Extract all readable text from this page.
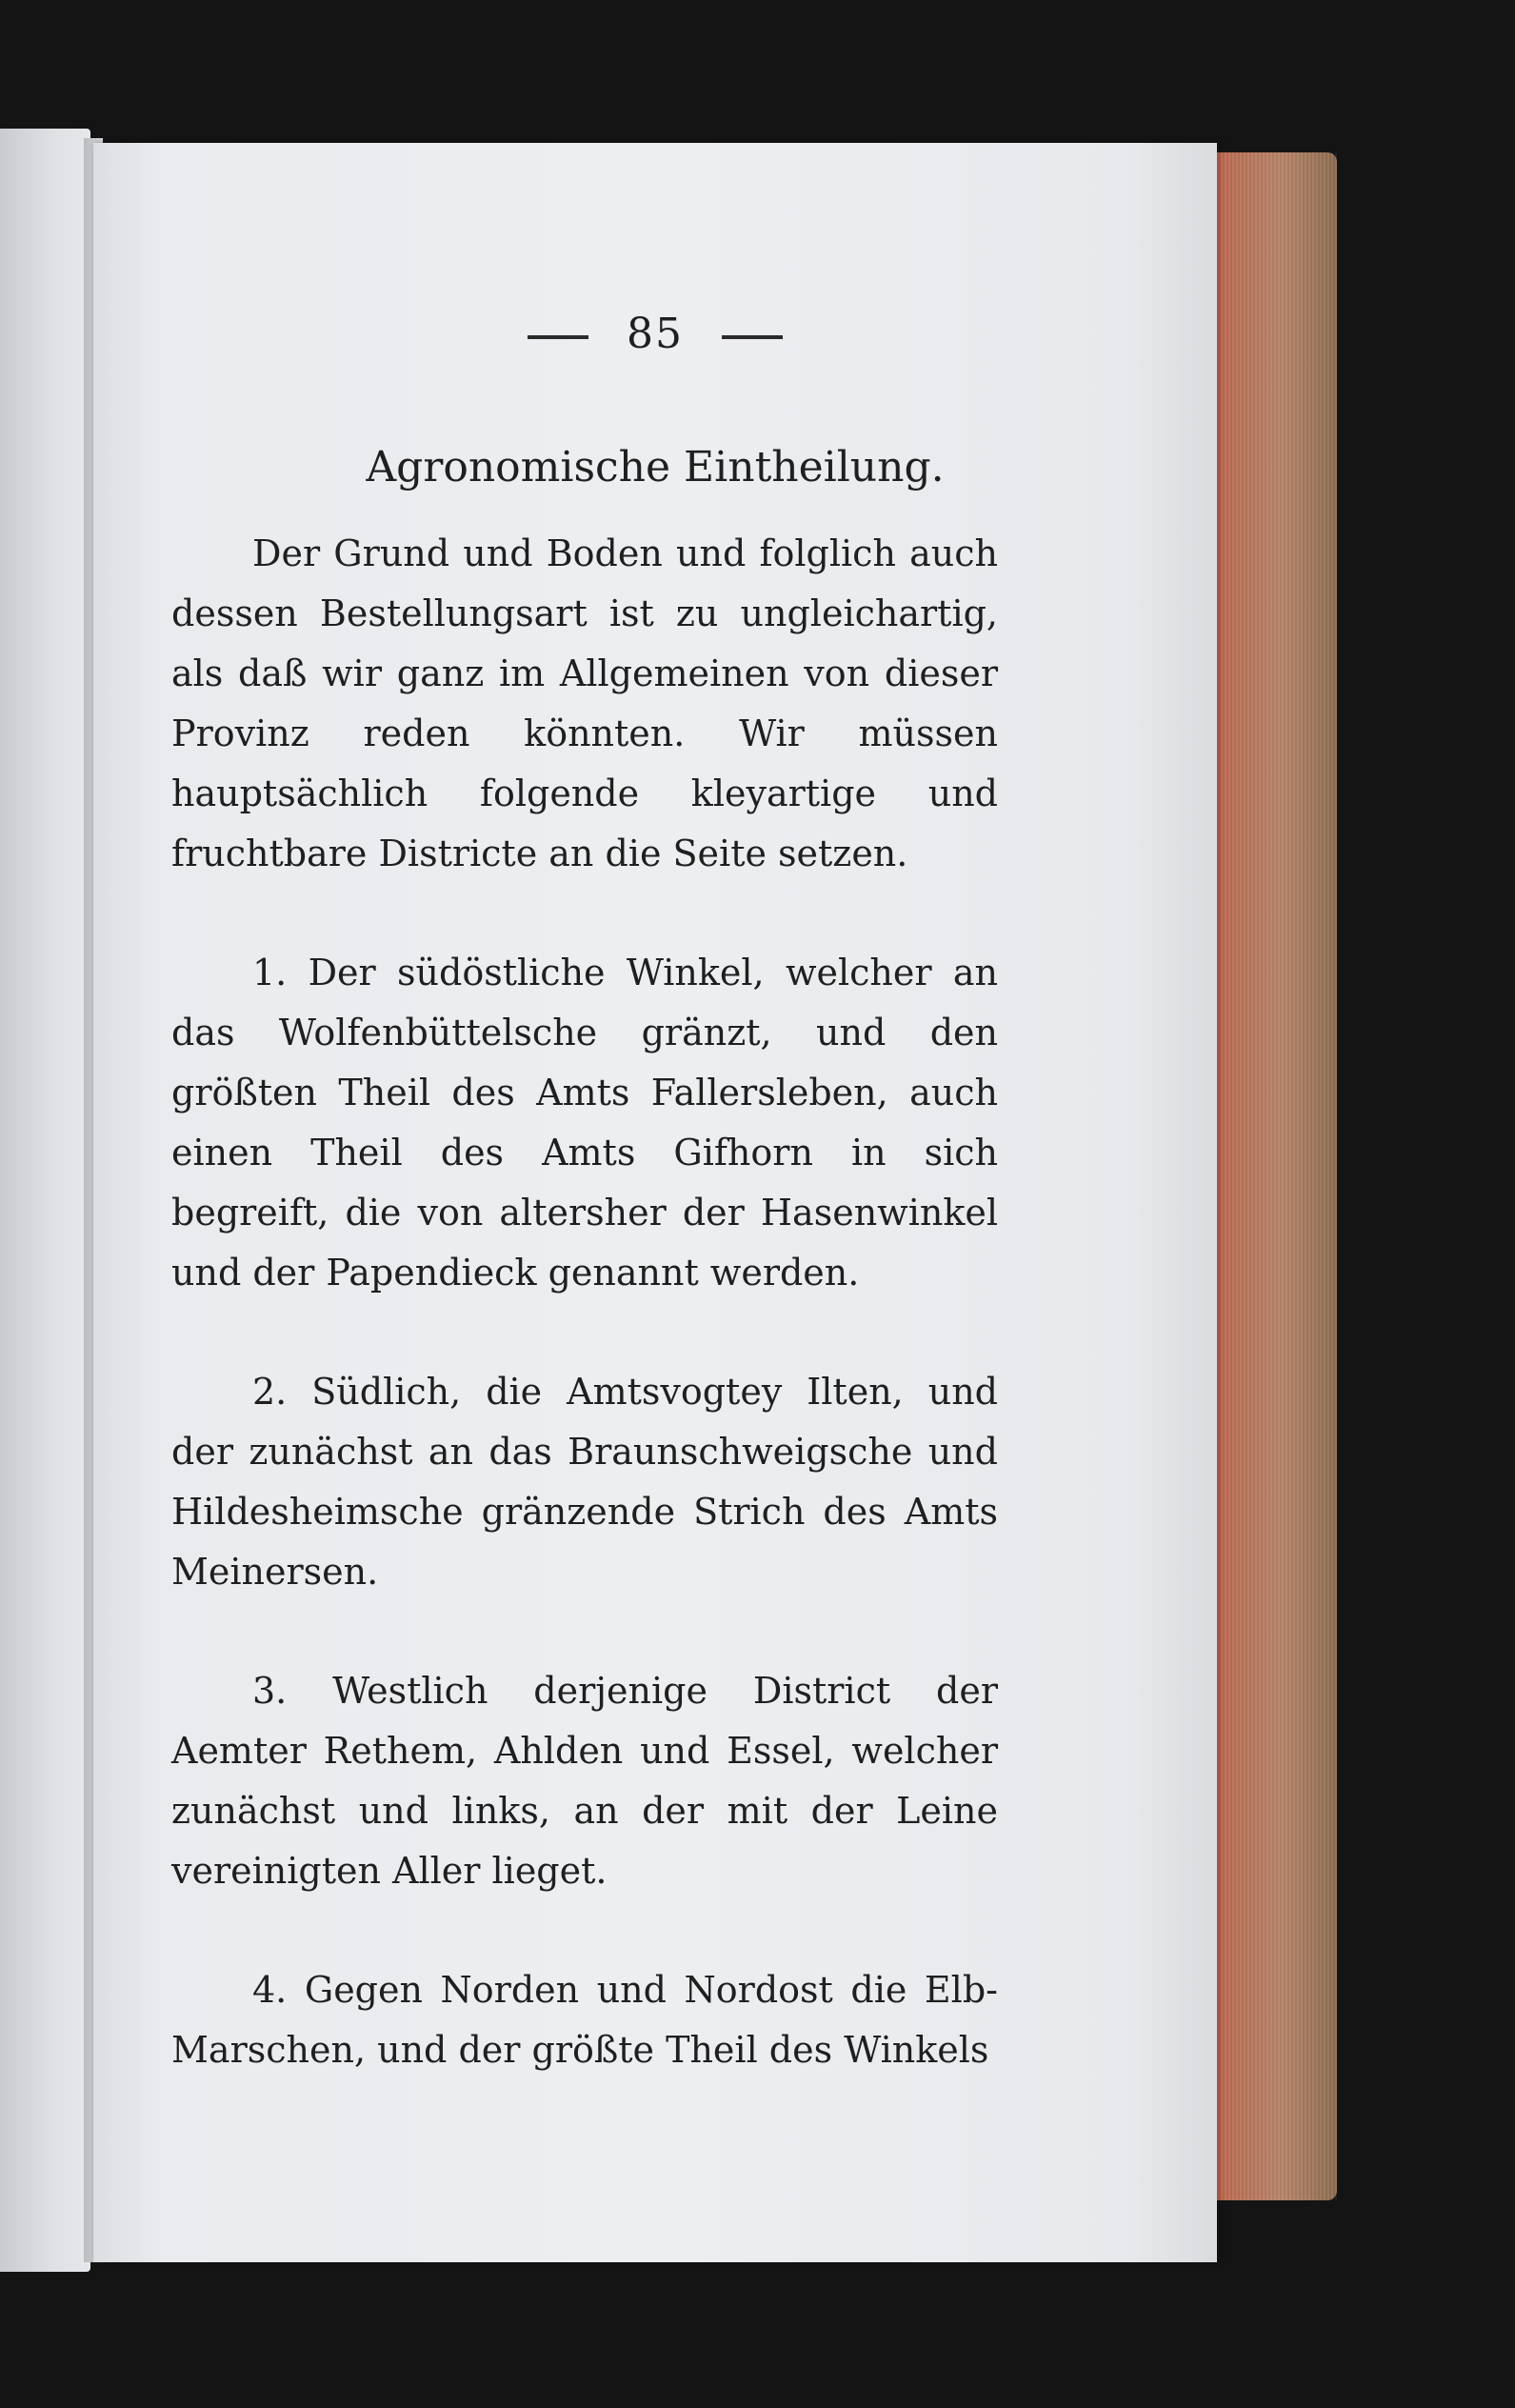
85
Agronomische Eintheilung.

Der Grund und Boden und folglich auch dessen Bestellungsart ist zu ungleichartig, als daß wir ganz im Allgemeinen von dieser Provinz reden könnten. Wir müssen hauptsächlich folgende kleyartige und fruchtbare Districte an die Seite setzen.

1. Der südöstliche Winkel, welcher an das Wolfenbüttelsche gränzt, und den größten Theil des Amts Fallersleben, auch einen Theil des Amts Gifhorn in sich begreift, die von altersher der Hasenwinkel und der Papendieck genannt werden.

2. Südlich, die Amtsvogtey Ilten, und der zunächst an das Braunschweigsche und Hildesheimsche gränzende Strich des Amts Meinersen.

3. Westlich derjenige District der Aemter Rethem, Ahlden und Essel, welcher zunächst und links, an der mit der Leine vereinigten Aller lieget.

4. Gegen Norden und Nordost die Elb-Marschen, und der größte Theil des Winkels
